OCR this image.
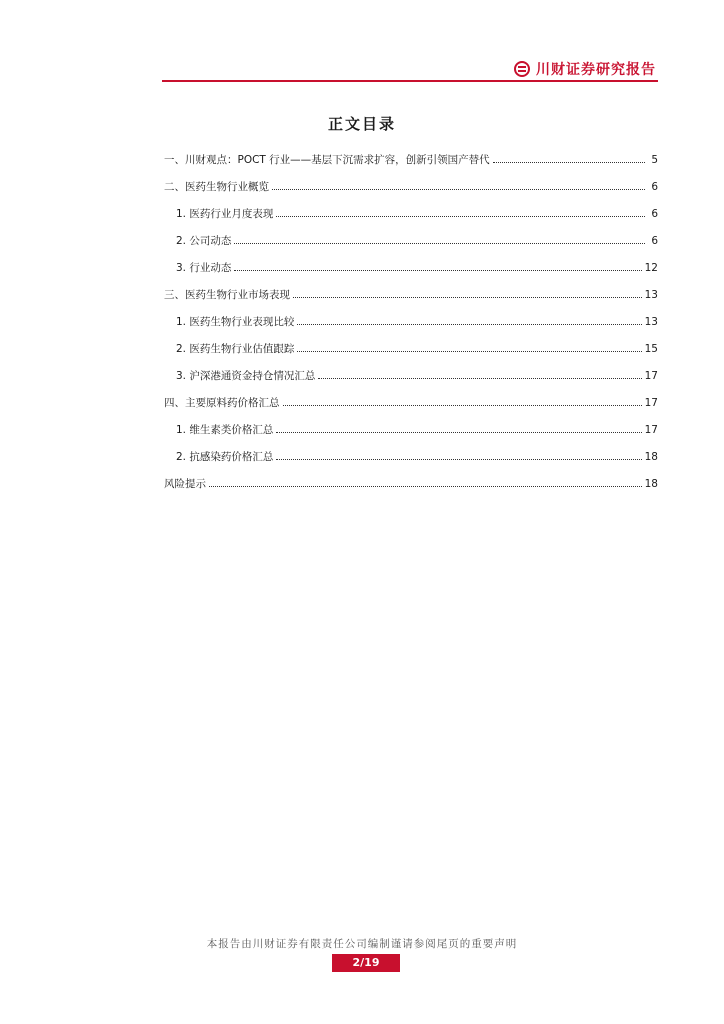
川财证券研究报告
正文目录
一、川财观点：POCT 行业——基层下沉需求扩容，创新引领国产替代	5
二、医药生物行业概览	6
1. 医药行业月度表现	6
2. 公司动态	6
3. 行业动态	12
三、医药生物行业市场表现	13
1. 医药生物行业表现比较	13
2. 医药生物行业估值跟踪	15
3. 沪深港通资金持仓情况汇总	17
四、主要原料药价格汇总	17
1. 维生素类价格汇总	17
2. 抗感染药价格汇总	18
风险提示	18
本报告由川财证券有限责任公司编制谨请参阅尾页的重要声明
2/19
